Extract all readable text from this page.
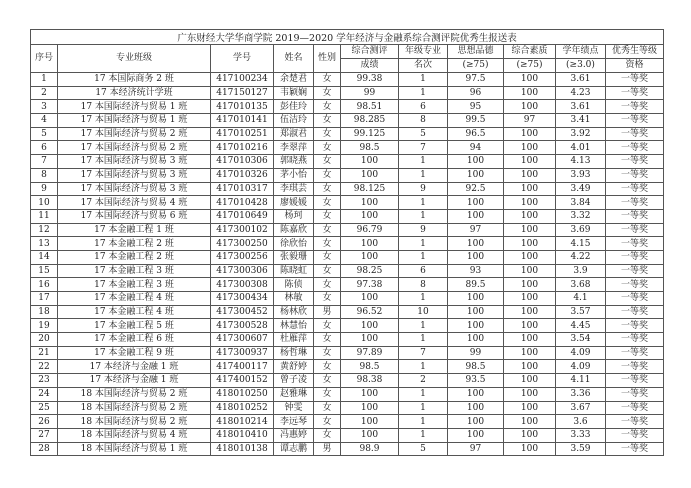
广东财经大学华商学院 2019—2020 学年经济与金融系综合测评院优秀生报送表										
序号	专业班级	学号	姓名	性别	综合测评	年级专业	思想品德	综合素质	学年绩点	优秀生等级
					成绩	名次	(≥75)	(≥75)	(≥3.0)	资格
1	17 本国际商务 2 班	417100234	余楚君	女	99.38	1	97.5	100	3.61	一等奖
2	17 本经济统计学班	417150127	韦颖娴	女	99	1	96	100	4.23	一等奖
3	17 本国际经济与贸易 1 班	417010135	彭佳玲	女	98.51	6	95	100	3.61	一等奖
4	17 本国际经济与贸易 1 班	417010141	伍洁玲	女	98.285	8	99.5	97	3.41	一等奖
5	17 本国际经济与贸易 2 班	417010251	郑淑君	女	99.125	5	96.5	100	3.92	一等奖
6	17 本国际经济与贸易 2 班	417010216	李翠萍	女	98.5	7	94	100	4.01	一等奖
7	17 本国际经济与贸易 3 班	417010306	郭晓燕	女	100	1	100	100	4.13	一等奖
8	17 本国际经济与贸易 3 班	417010326	茅小怡	女	100	1	100	100	3.93	一等奖
9	17 本国际经济与贸易 3 班	417010317	李琪芸	女	98.125	9	92.5	100	3.49	一等奖
10	17 本国际经济与贸易 4 班	417010428	廖媛媛	女	100	1	100	100	3.84	一等奖
11	17 本国际经济与贸易 6 班	417010649	杨珂	女	100	1	100	100	3.32	一等奖
12	17 本金融工程 1 班	417300102	陈嘉欣	女	96.79	9	97	100	3.69	一等奖
13	17 本金融工程 2 班	417300250	徐欣怡	女	100	1	100	100	4.15	一等奖
14	17 本金融工程 2 班	417300256	张毅珊	女	100	1	100	100	4.22	一等奖
15	17 本金融工程 3 班	417300306	陈晓虹	女	98.25	6	93	100	3.9	一等奖
16	17 本金融工程 3 班	417300308	陈侦	女	97.38	8	89.5	100	3.68	一等奖
17	17 本金融工程 4 班	417300434	林敏	女	100	1	100	100	4.1	一等奖
18	17 本金融工程 4 班	417300452	杨林欣	男	96.52	10	100	100	3.57	一等奖
19	17 本金融工程 5 班	417300528	林慧怡	女	100	1	100	100	4.45	一等奖
20	17 本金融工程 6 班	417300607	杜雁萍	女	100	1	100	100	3.54	一等奖
21	17 本金融工程 9 班	417300937	杨哲琳	女	97.89	7	99	100	4.09	一等奖
22	17 本经济与金融 1 班	417400117	黄舒婷	女	98.5	1	98.5	100	4.09	一等奖
23	17 本经济与金融 1 班	417400152	曾子凌	女	98.38	2	93.5	100	4.11	一等奖
24	18 本国际经济与贸易 2 班	418010250	赵雅琳	女	100	1	100	100	3.36	一等奖
25	18 本国际经济与贸易 2 班	418010252	钟雯	女	100	1	100	100	3.67	一等奖
26	18 本国际经济与贸易 2 班	418010214	李远琴	女	100	1	100	100	3.6	一等奖
27	18 本国际经济与贸易 4 班	418010410	冯惠婷	女	100	1	100	100	3.33	一等奖
28	18 本国际经济与贸易 1 班	418010138	谭志鹏	男	98.9	5	97	100	3.59	一等奖
